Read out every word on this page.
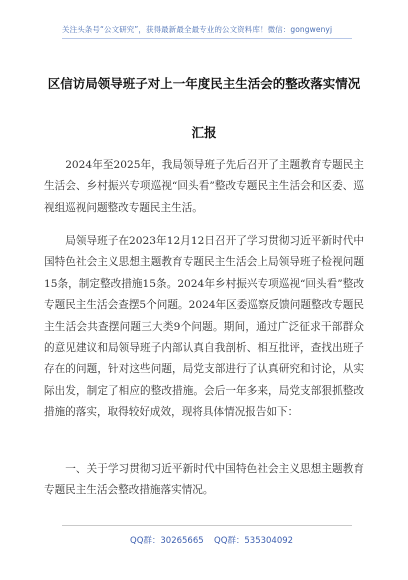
关注头条号“公文研究”，获得最新最全最专业的公文资料库！微信：gongwenyj
区信访局领导班子对上一年度民主生活会的整改落实情况
汇报

2024年至2025年，我局领导班子先后召开了主题教育专题民主生活会、乡村振兴专项巡视“回头看”整改专题民主生活会和区委、巡视组巡视问题整改专题民主生活。

局领导班子在2023年12月12日召开了学习贯彻习近平新时代中国特色社会主义思想主题教育专题民主生活会上局领导班子检视问题15条，制定整改措施15条。2024年乡村振兴专项巡视“回头看”整改专题民主生活会查摆5个问题。2024年区委巡察反馈问题整改专题民主生活会共查摆问题三大类9个问题。期间，通过广泛征求干部群众的意见建议和局领导班子内部认真自我剖析、相互批评，查找出班子存在的问题，针对这些问题，局党支部进行了认真研究和讨论，从实际出发，制定了相应的整改措施。会后一年多来，局党支部狠抓整改措施的落实，取得较好成效，现将具体情况报告如下：

一、关于学习贯彻习近平新时代中国特色社会主义思想主题教育专题民主生活会整改措施落实情况。

QQ群：30265665 QQ群：535304092
